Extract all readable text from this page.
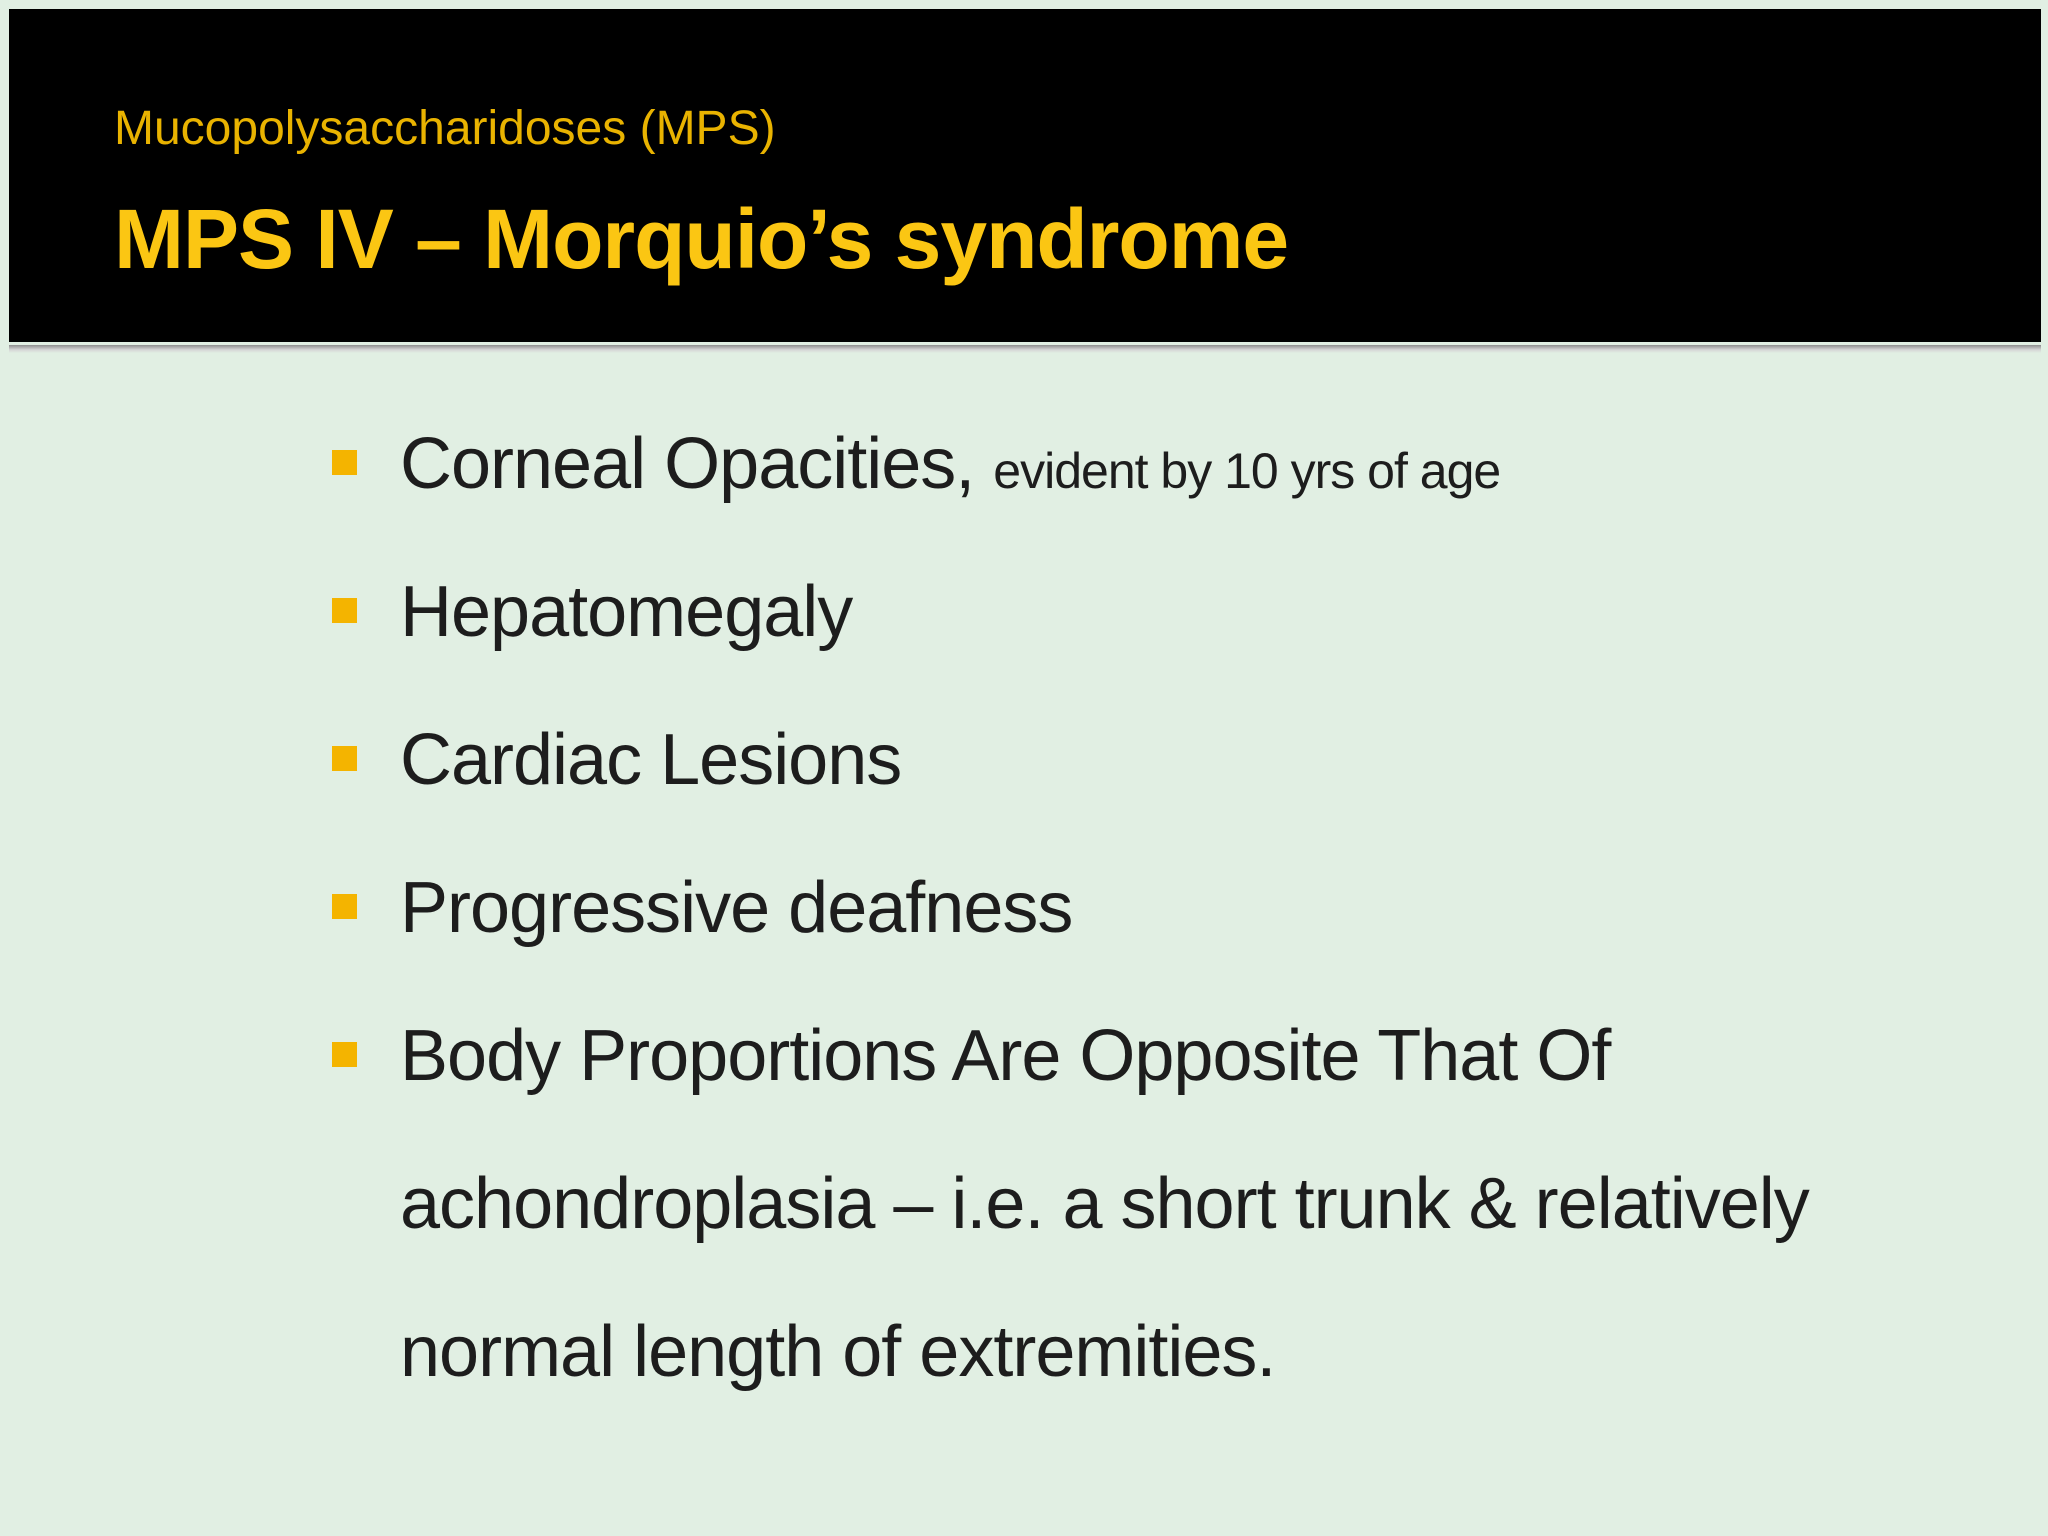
Mucopolysaccharidoses (MPS)
MPS IV – Morquio’s syndrome
Corneal Opacities, evident by 10 yrs of age
Hepatomegaly
Cardiac Lesions
Progressive deafness
Body Proportions Are Opposite That Of
achondroplasia – i.e. a short trunk & relatively
normal length of extremities.
